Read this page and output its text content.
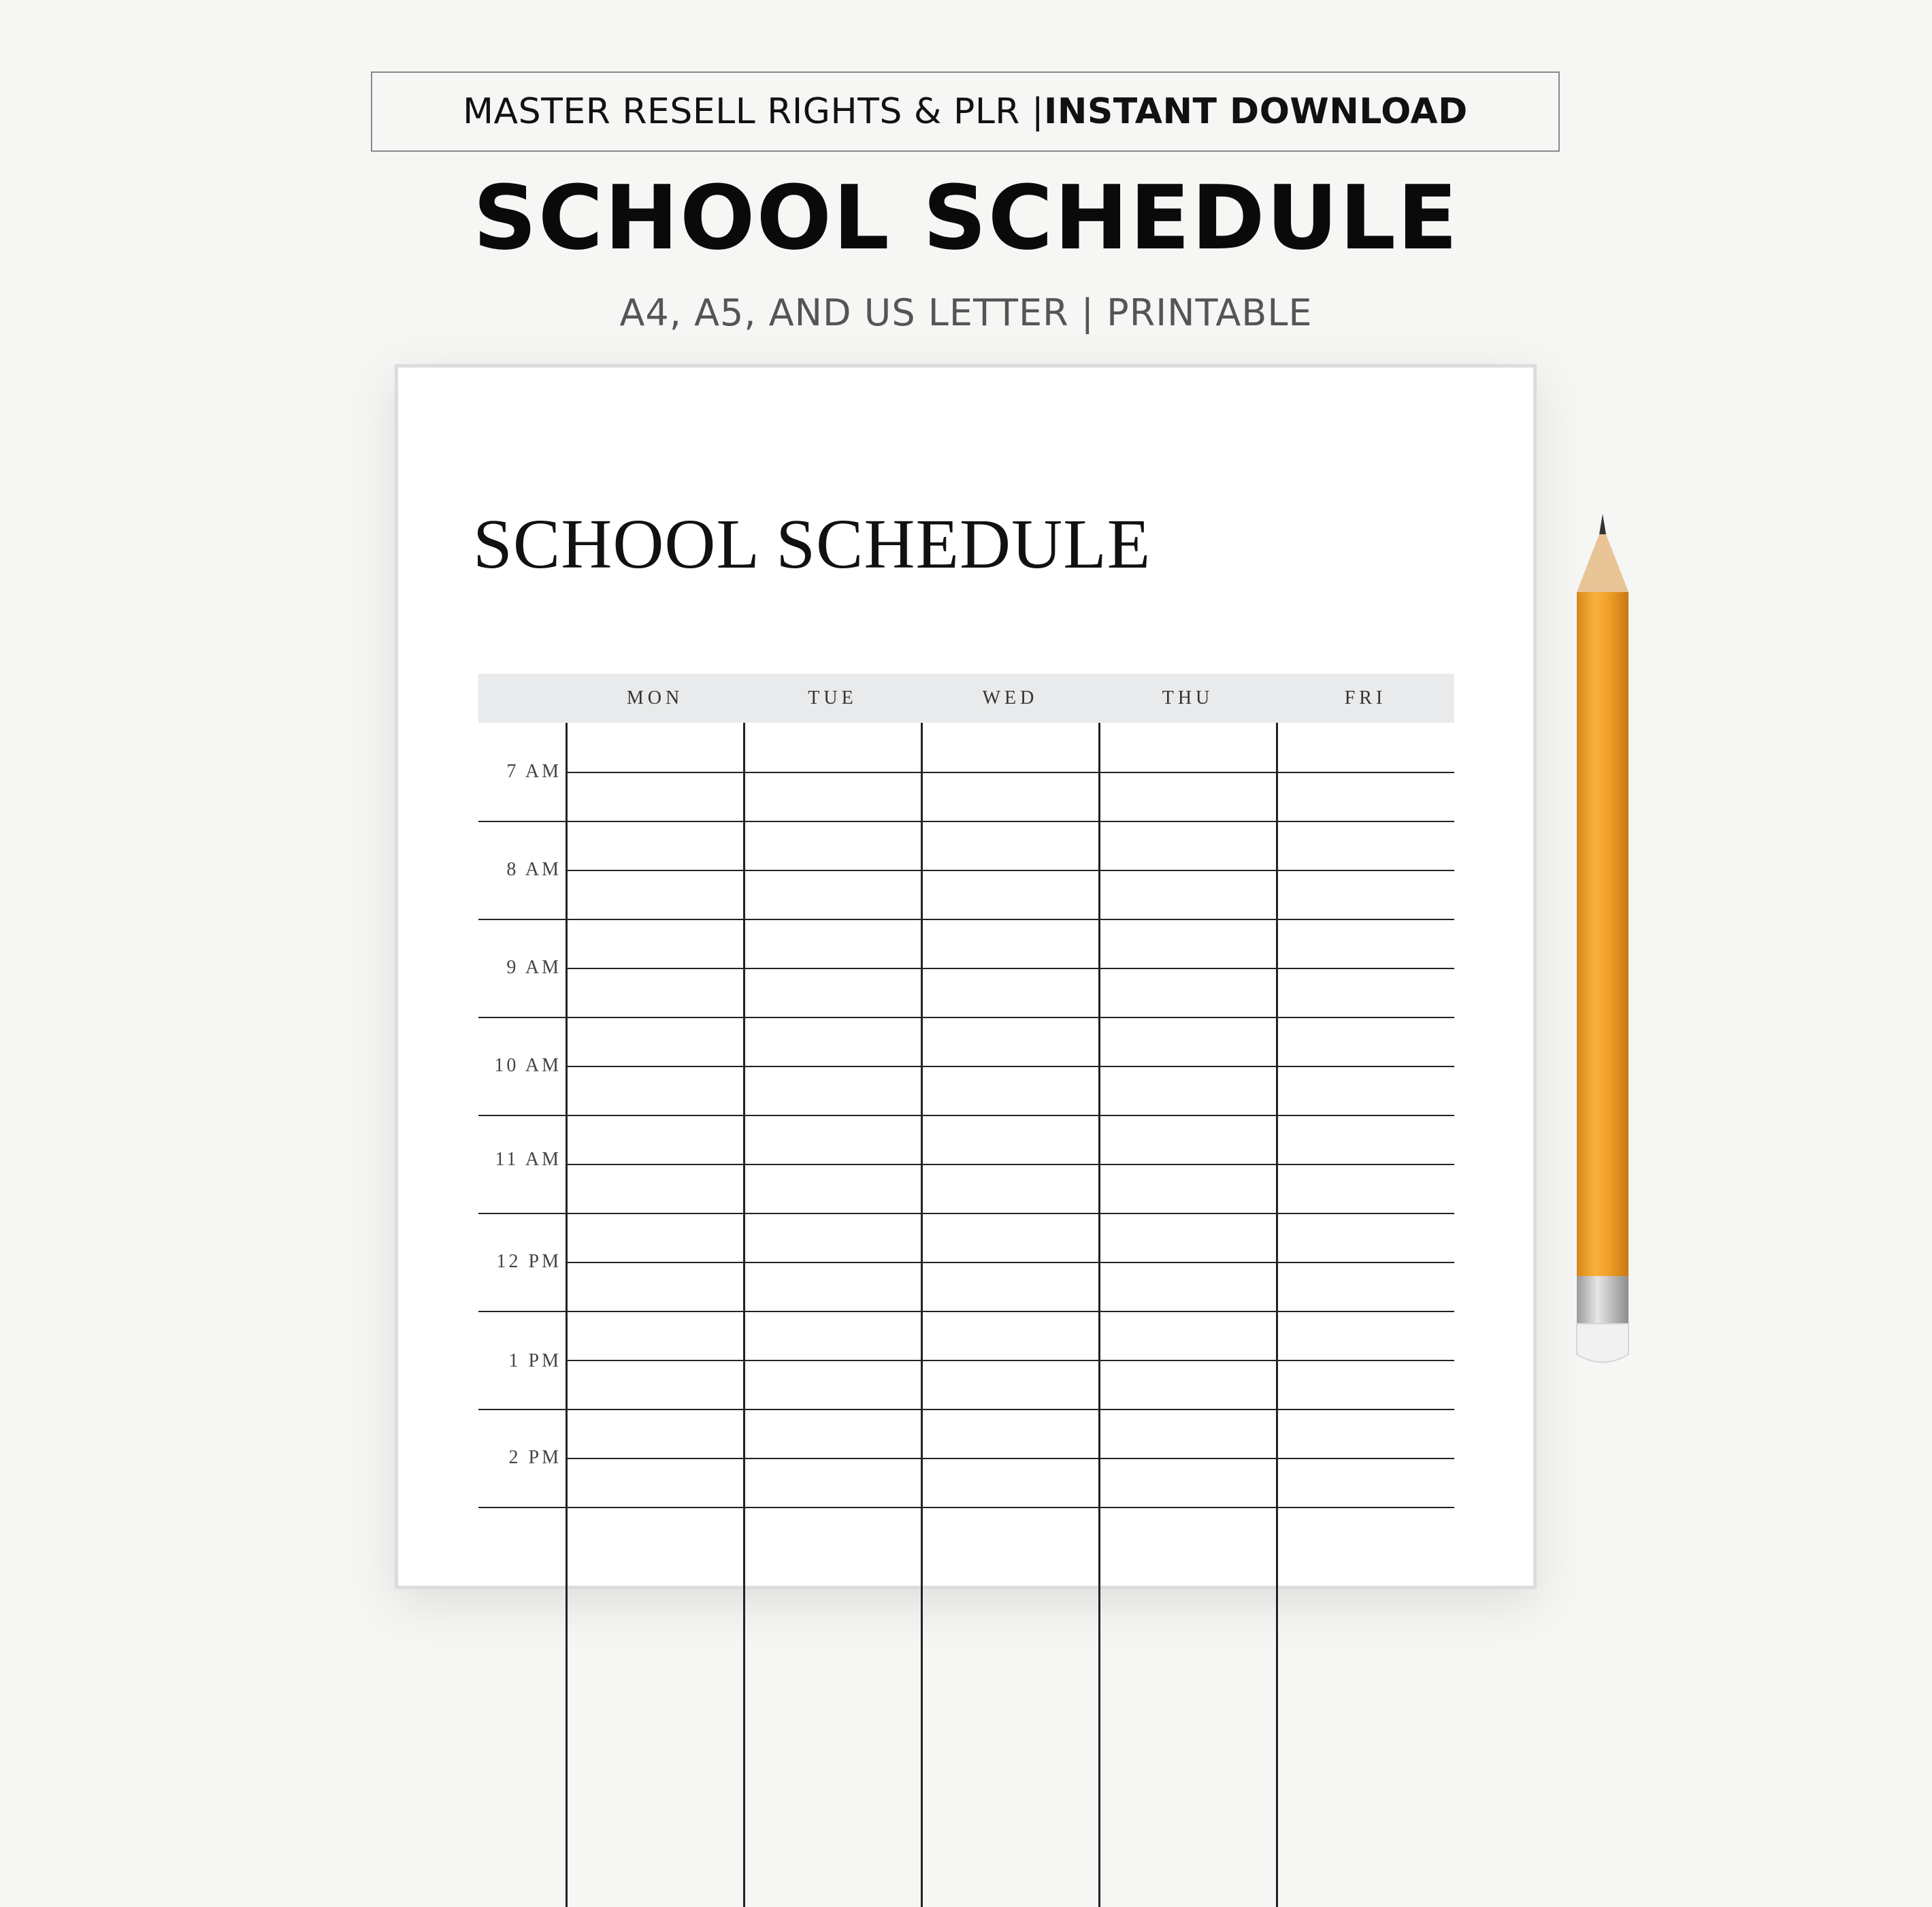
MASTER RESELL RIGHTS & PLR | INSTANT DOWNLOAD
SCHOOL SCHEDULE
A4, A5, AND US LETTER | PRINTABLE
SCHOOL SCHEDULE
MON	TUE	WED	THU	FRI
7 AM
8 AM
9 AM
10 AM
11 AM
12 PM
1 PM
2 PM
